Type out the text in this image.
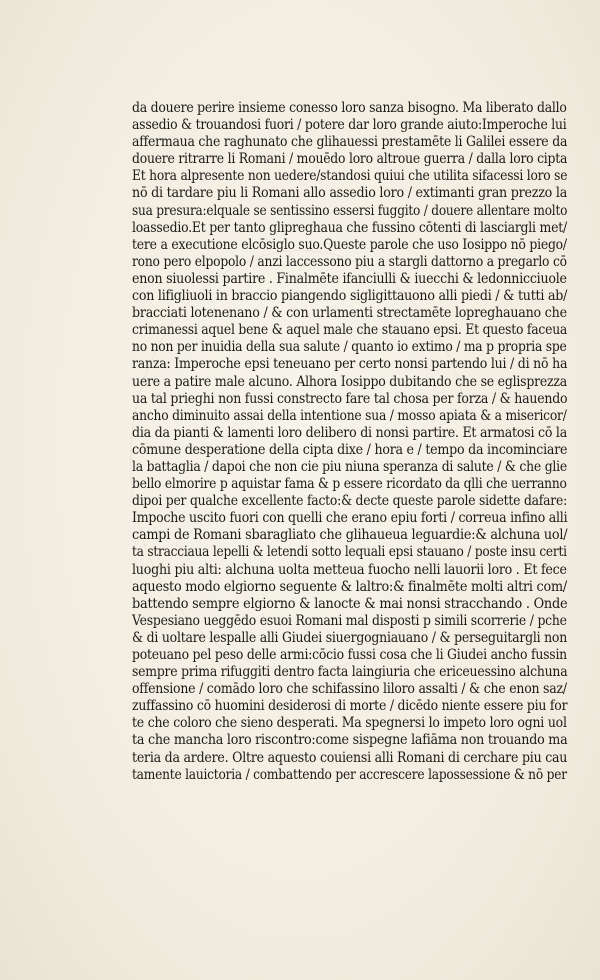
da douere perire insieme conesso loro sanza bisogno. Ma liberato dallo
assedio & trouandosi fuori / potere dar loro grande aiuto:Imperoche lui
affermaua che raghunato che glihauessi prestamēte li Galilei essere da
douere ritrarre li Romani / mouēdo loro altroue guerra / dalla loro cipta
Et hora alpresente non uedere/standosi quiui che utilita sifacessi loro se
nō di tardare piu li Romani allo assedio loro / extimanti gran prezzo la
sua presura:elquale se sentissino essersi fuggito / douere allentare molto
loassedio.Et per tanto glipreghaua che fussino cōtenti di lasciargli met/
tere a executione elcōsiglo suo.Queste parole che uso Iosippo nō piego/
rono pero elpopolo / anzi laccessono piu a stargli dattorno a pregarlo cō
enon siuolessi partire . Finalmēte ifanciulli & iuecchi & ledonnicciuole
con lifigliuoli in braccio piangendo sigligittauono alli piedi / & tutti ab/
bracciati lotenenano / & con urlamenti strectamēte lopreghauano che
crimanessi aquel bene & aquel male che stauano epsi. Et questo faceua
no non per inuidia della sua salute / quanto io extimo / ma p propria spe
ranza: Imperoche epsi teneuano per certo nonsi partendo lui / di nō ha
uere a patire male alcuno. Alhora Iosippo dubitando che se eglisprezza
ua tal prieghi non fussi constrecto fare tal chosa per forza / & hauendo
ancho diminuito assai della intentione sua / mosso apiata & a misericor/
dia da pianti & lamenti loro delibero di nonsi partire. Et armatosi cō la
cōmune desperatione della cipta dixe / hora e / tempo da incominciare
la battaglia / dapoi che non cie piu niuna speranza di salute / & che glie
bello elmorire p aquistar fama & p essere ricordato da qlli che uerranno
dipoi per qualche excellente facto:& decte queste parole sidette dafare:
Impoche uscito fuori con quelli che erano epiu forti / correua infino alli
campi de Romani sbaragliato che glihaueua leguardie:& alchuna uol/
ta stracciaua lepelli & letendi sotto lequali epsi stauano / poste insu certi
luoghi piu alti: alchuna uolta metteua fuocho nelli lauorii loro . Et fece
aquesto modo elgiorno seguente & laltro:& finalmēte molti altri com/
battendo sempre elgiorno & lanocte & mai nonsi stracchando . Onde
Vespesiano ueggēdo esuoi Romani mal disposti p simili scorrerie / pche
& di uoltare lespalle alli Giudei siuergogniauano / & perseguitargli non
poteuano pel peso delle armi:cōcio fussi cosa che li Giudei ancho fussin
sempre prima rifuggiti dentro facta laingiuria che ericeuessino alchuna
offensione / comādo loro che schifassino liloro assalti / & che enon saz/
zuffassino cō huomini desiderosi di morte / dicēdo niente essere piu for
te che coloro che sieno desperati. Ma spegnersi lo impeto loro ogni uol
ta che mancha loro riscontro:come sispegne lafiāma non trouando ma
teria da ardere. Oltre aquesto couiensi alli Romani di cerchare piu cau
tamente lauictoria / combattendo per accrescere lapossessione & nō per
